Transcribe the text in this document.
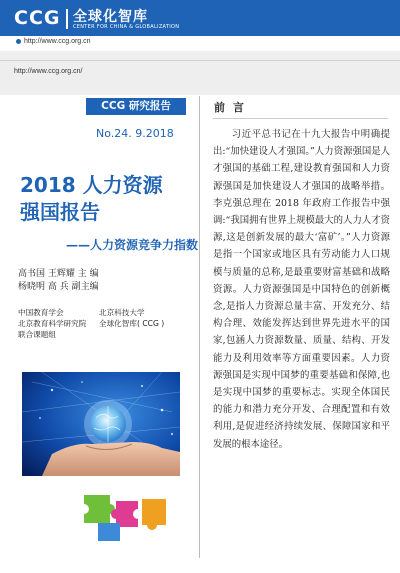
CCG 全球化智库
CENTER FOR CHINA & GLOBALIZATION
http://www.ccg.org.cn
http://www.ccg.org.cn/
CCG 研究报告
No.24. 9.2018
2018 人力资源
强国报告
——人力资源竞争力指数
高书国 王辉耀 主 编
杨晓明 高 兵 副主编
中国教育学会
北京教育科学研究院
联合课题组
北京科技大学
全球化智库( CCG )
前 言
习近平总书记在十九大报告中明确提出:“加快建设人才强国。”人力资源强国是人才强国的基础工程,建设教育强国和人力资源强国是加快建设人才强国的战略举措。李克强总理在 2018 年政府工作报告中强调:“我国拥有世界上规模最大的人力人才资源,这是创新发展的最大‘富矿’。”人力资源是指一个国家或地区具有劳动能力人口规模与质量的总称,是最重要财富基础和战略资源。人力资源强国是中国特色的创新概念,是指人力资源总量丰富、开发充分、结构合理、效能发挥达到世界先进水平的国家,包涵人力资源数量、质量、结构、开发能力及利用效率等方面重要因素。人力资源强国是实现中国梦的重要基础和保障,也是实现中国梦的重要标志。实现全体国民的能力和潜力充分开发、合理配置和有效利用,是促进经济持续发展、保障国家和平发展的根本途径。
